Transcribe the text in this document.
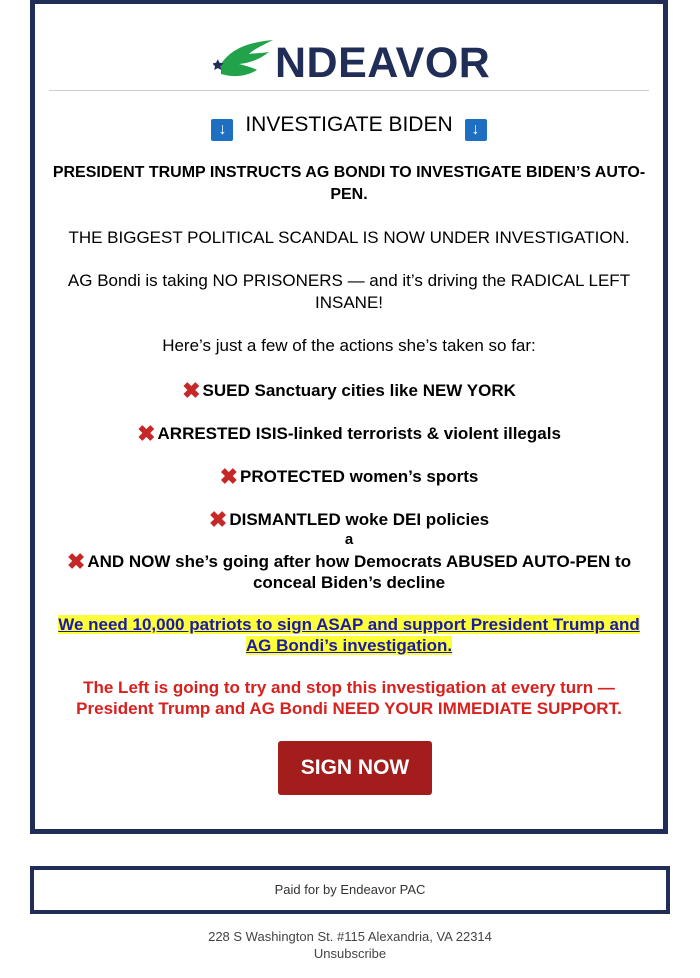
NDEAVOR
↓ INVESTIGATE BIDEN ↓
PRESIDENT TRUMP INSTRUCTS AG BONDI TO INVESTIGATE BIDEN’S AUTO-PEN.
THE BIGGEST POLITICAL SCANDAL IS NOW UNDER INVESTIGATION.
AG Bondi is taking NO PRISONERS — and it’s driving the RADICAL LEFT INSANE!
Here’s just a few of the actions she’s taken so far:
✖ SUED Sanctuary cities like NEW YORK
✖ ARRESTED ISIS-linked terrorists & violent illegals
✖ PROTECTED women’s sports
✖ DISMANTLED woke DEI policies
a
✖ AND NOW she’s going after how Democrats ABUSED AUTO-PEN to conceal Biden’s decline
We need 10,000 patriots to sign ASAP and support President Trump and AG Bondi’s investigation.
The Left is going to try and stop this investigation at every turn — President Trump and AG Bondi NEED YOUR IMMEDIATE SUPPORT.
SIGN NOW
Paid for by Endeavor PAC
228 S Washington St. #115 Alexandria, VA 22314
Unsubscribe
